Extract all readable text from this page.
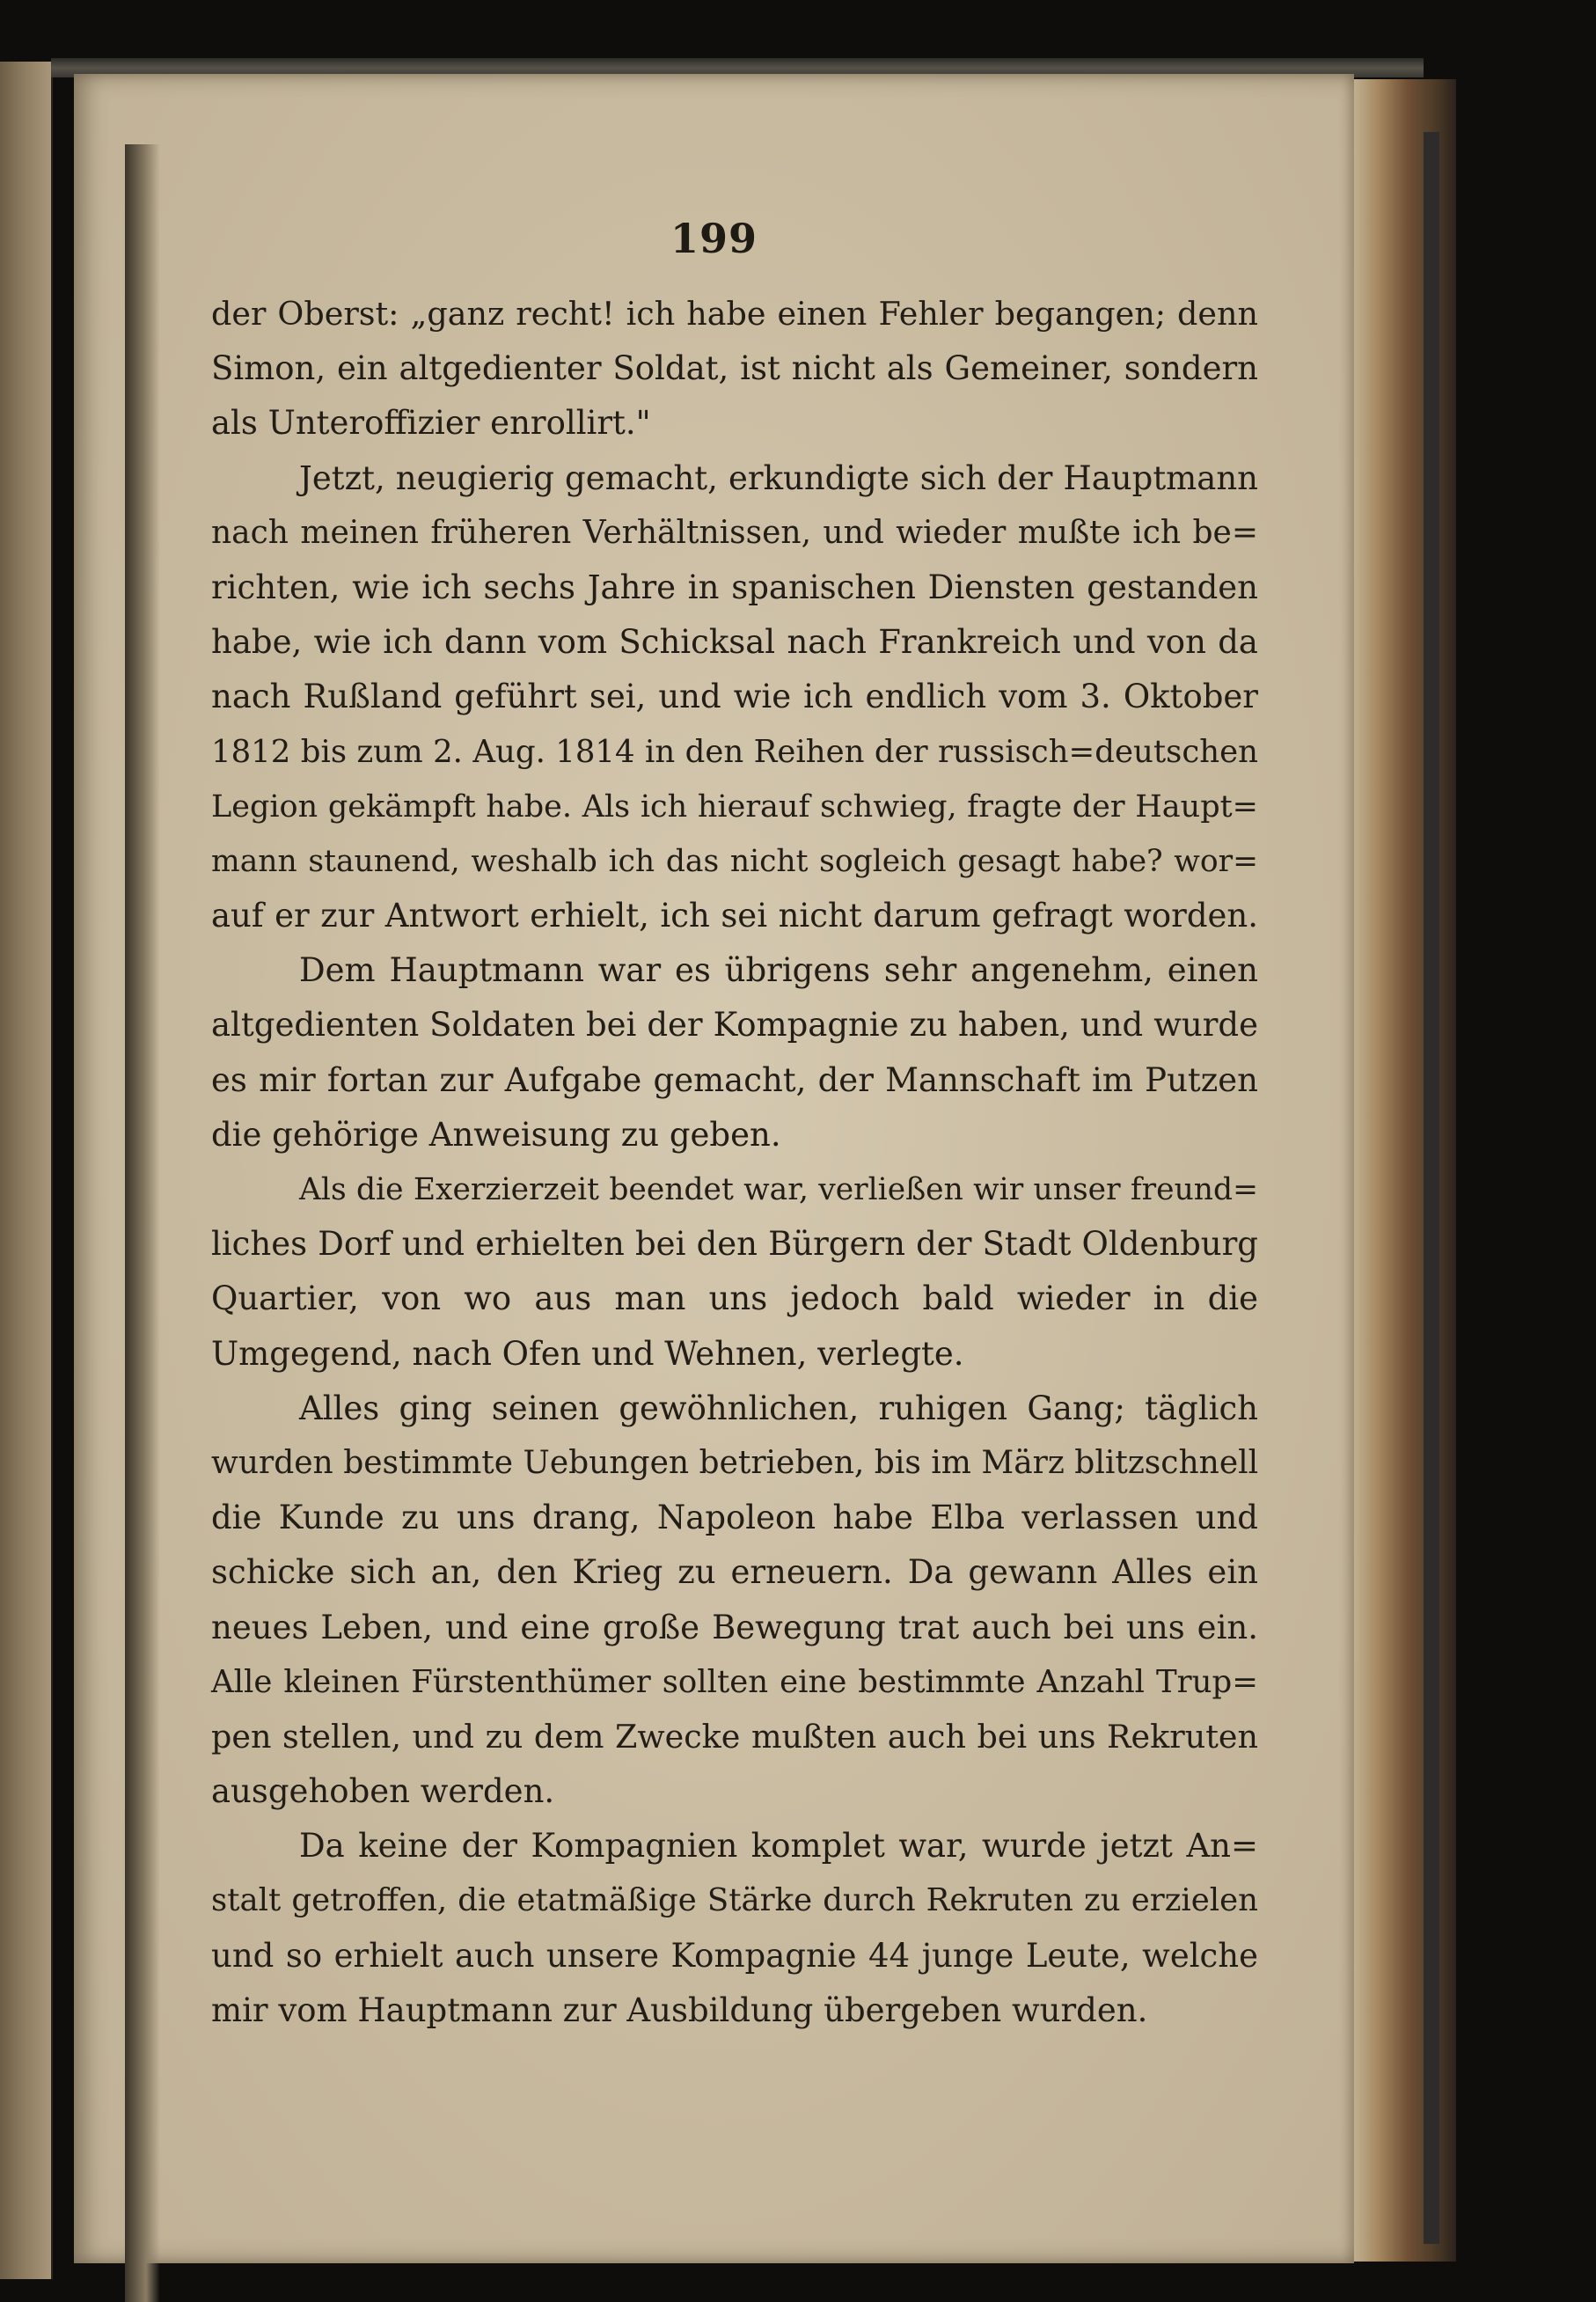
199
der Oberst: „ganz recht! ich habe einen Fehler begangen; denn
Simon, ein altgedienter Soldat, ist nicht als Gemeiner, sondern
als Unteroffizier enrollirt."
Jetzt, neugierig gemacht, erkundigte sich der Hauptmann
nach meinen früheren Verhältnissen, und wieder mußte ich be=
richten, wie ich sechs Jahre in spanischen Diensten gestanden
habe, wie ich dann vom Schicksal nach Frankreich und von da
nach Rußland geführt sei, und wie ich endlich vom 3. Oktober
1812 bis zum 2. Aug. 1814 in den Reihen der russisch=deutschen
Legion gekämpft habe. Als ich hierauf schwieg, fragte der Haupt=
mann staunend, weshalb ich das nicht sogleich gesagt habe? wor=
auf er zur Antwort erhielt, ich sei nicht darum gefragt worden.
Dem Hauptmann war es übrigens sehr angenehm, einen
altgedienten Soldaten bei der Kompagnie zu haben, und wurde
es mir fortan zur Aufgabe gemacht, der Mannschaft im Putzen
die gehörige Anweisung zu geben.
Als die Exerzierzeit beendet war, verließen wir unser freund=
liches Dorf und erhielten bei den Bürgern der Stadt Oldenburg
Quartier, von wo aus man uns jedoch bald wieder in die
Umgegend, nach Ofen und Wehnen, verlegte.
Alles ging seinen gewöhnlichen, ruhigen Gang; täglich
wurden bestimmte Uebungen betrieben, bis im März blitzschnell
die Kunde zu uns drang, Napoleon habe Elba verlassen und
schicke sich an, den Krieg zu erneuern. Da gewann Alles ein
neues Leben, und eine große Bewegung trat auch bei uns ein.
Alle kleinen Fürstenthümer sollten eine bestimmte Anzahl Trup=
pen stellen, und zu dem Zwecke mußten auch bei uns Rekruten
ausgehoben werden.
Da keine der Kompagnien komplet war, wurde jetzt An=
stalt getroffen, die etatmäßige Stärke durch Rekruten zu erzielen
und so erhielt auch unsere Kompagnie 44 junge Leute, welche
mir vom Hauptmann zur Ausbildung übergeben wurden.
